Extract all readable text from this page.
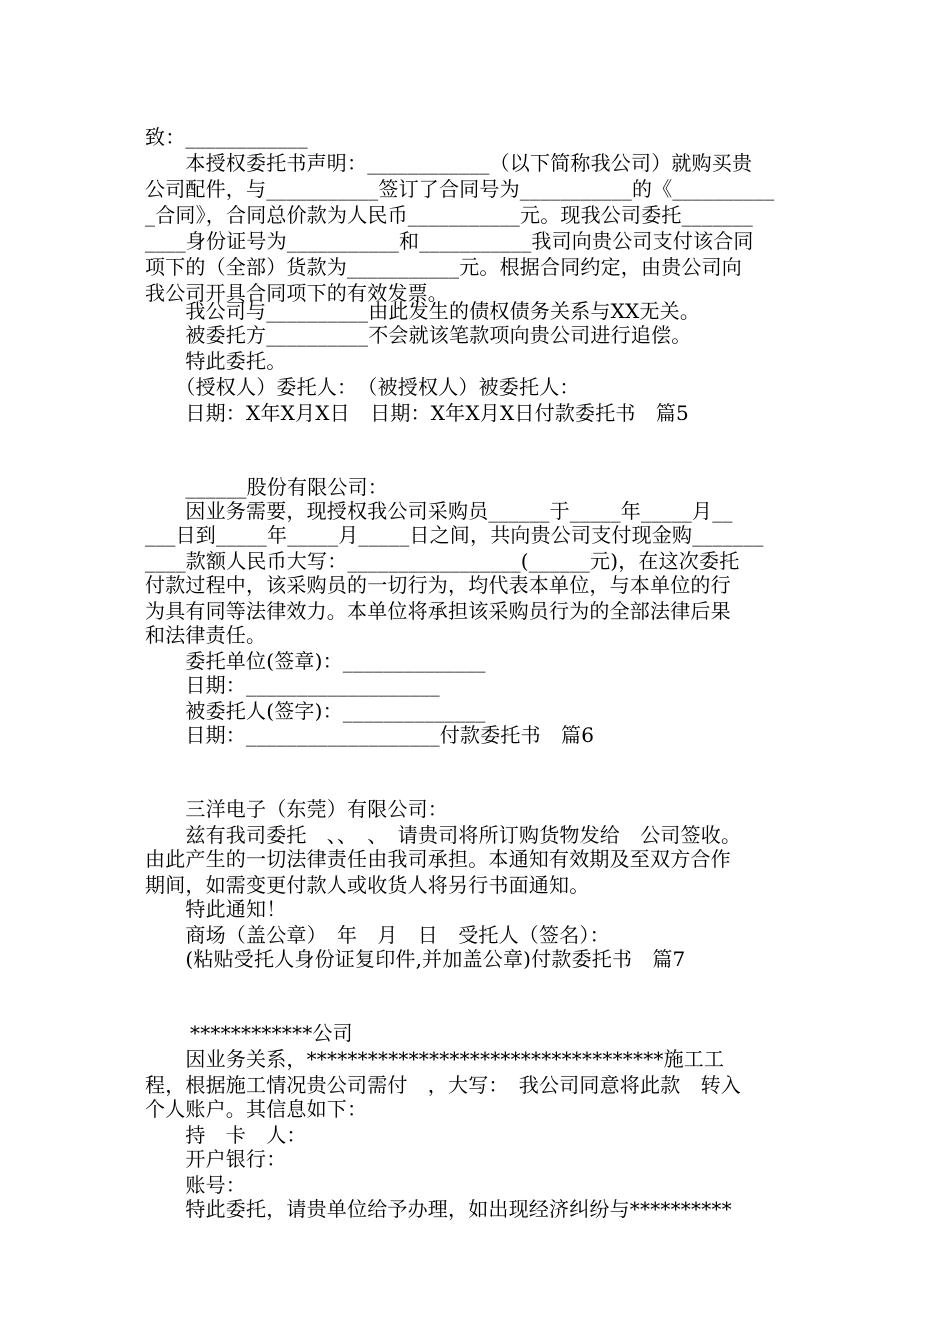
致：____________
　　本授权委托书声明：____________（以下简称我公司）就购买贵
公司配件，与___________签订了合同号为___________的《__________
_合同》，合同总价款为人民币___________元。现我公司委托_______
____身份证号为___________和___________我司向贵公司支付该合同
项下的（全部）货款为___________元。根据合同约定，由贵公司向
我公司开具合同项下的有效发票。
　　我公司与__________由此发生的债权债务关系与XX无关。
　　被委托方__________不会就该笔款项向贵公司进行追偿。
　　特此委托。
　　（授权人）委托人：　（被授权人）被委托人：
　　日期：X年X月X日　日期：X年X月X日付款委托书　篇5
　　______股份有限公司：
　　因业务需要，现授权我公司采购员______于_____年_____月__
___日到_____年_____月_____日之间，共向贵公司支付现金购_______
____款额人民币大写：_________________(______元)，在这次委托
付款过程中，该采购员的一切行为，均代表本单位，与本单位的行
为具有同等法律效力。本单位将承担该采购员行为的全部法律后果
和法律责任。
　　委托单位(签章)：______________
　　日期：___________________
　　被委托人(签字)：______________
　　日期：___________________付款委托书　篇6
　　三洋电子（东莞）有限公司：
　　兹有我司委托　、、　、　请贵司将所订购货物发给　公司签收。
由此产生的一切法律责任由我司承担。本通知有效期及至双方合作
期间，如需变更付款人或收货人将另行书面通知。
　　特此通知！
　　商场（盖公章）　年　月　日　受托人（签名）：
　　(粘贴受托人身份证复印件,并加盖公章)付款委托书　篇7
************公司
　　因业务关系，***********************************施工工
程，根据施工情况贵公司需付　，大写：　我公司同意将此款　转入
个人账户。其信息如下：
　　持　卡　人：
　　开户银行：
　　账号：
　　特此委托，请贵单位给予办理，如出现经济纠纷与**********
